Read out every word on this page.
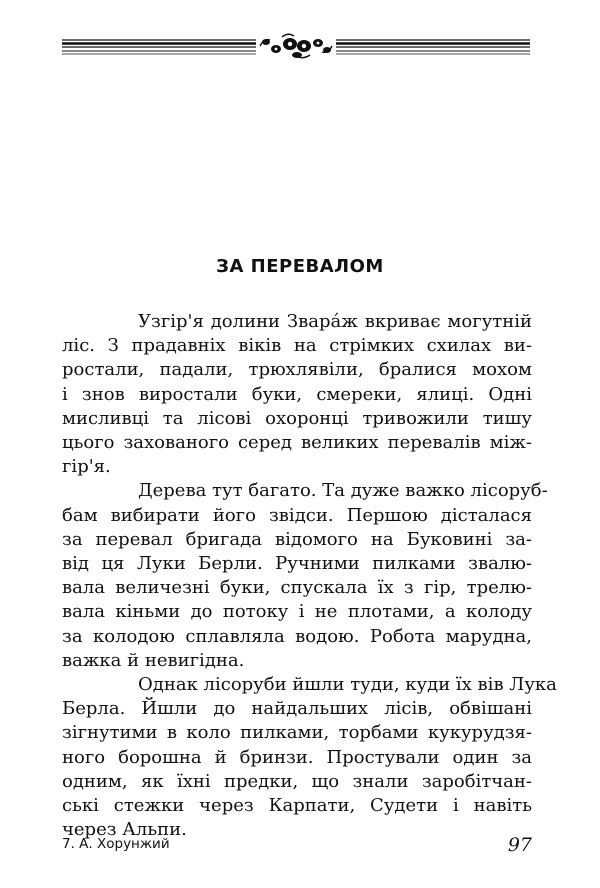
ЗА ПЕРЕВАЛОМ

Узгір'я долини Зварáж вкриває могутній
ліс. З прадавніх віків на стрімких схилах ви-
ростали, падали, трюхлявіли, бралися мохом
і знов виростали буки, смереки, ялиці. Одні
мисливці та лісові охоронці тривожили тишу
цього захованого серед великих перевалів між-
гір'я.

Дерева тут багато. Та дуже важко лісоруб-
бам вибирати його звідси. Першою дісталася
за перевал бригада відомого на Буковині за-
від ця Луки Берли. Ручними пилками звалю-
вала величезні буки, спускала їх з гір, трелю-
вала кіньми до потоку і не плотами, а колоду
за колодою сплавляла водою. Робота марудна,
важка й невигідна.

Однак лісоруби йшли туди, куди їх вів Лука
Берла. Йшли до найдальших лісів, обвішані
зігнутими в коло пилками, торбами кукурудзя-
ного борошна й бринзи. Простували один за
одним, як їхні предки, що знали заробітчан-
ські стежки через Карпати, Судети і навіть
через Альпи.

7. А. Хорунжий	97
